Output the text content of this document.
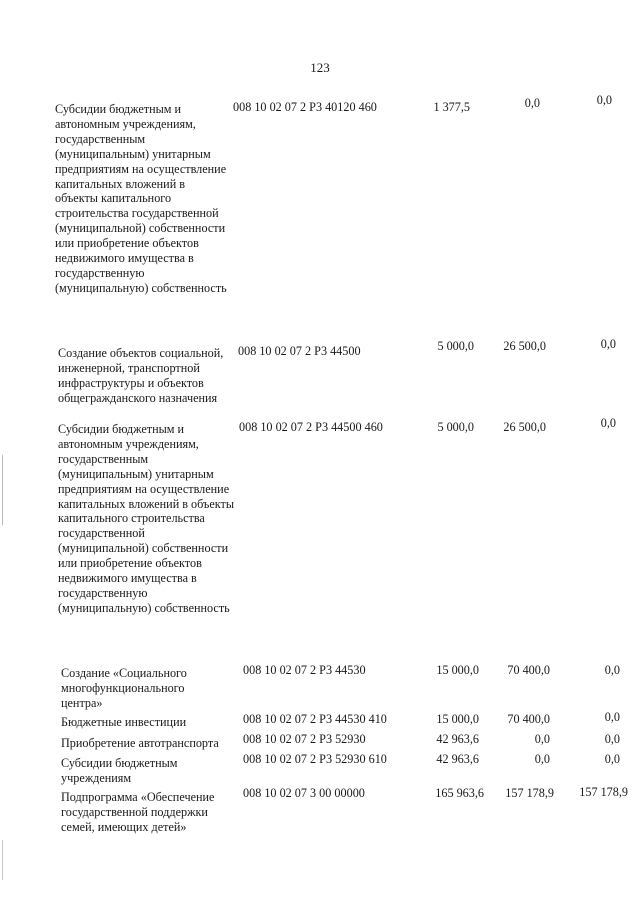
123
Субсидии бюджетным и автономным учреждениям, государственным (муниципальным) унитарным предприятиям на осуществление капитальных вложений в объекты капитального строительства государственной (муниципальной) собственности или приобретение объектов недвижимого имущества в государственную (муниципальную) собственность
008 10 02 07 2 Р3 40120 460	1 377,5	0,0	0,0
Создание объектов социальной, инженерной, транспортной инфраструктуры и объектов общегражданского назначения
008 10 02 07 2 Р3 44500	5 000,0 26 500,0	0,0
Субсидии бюджетным и автономным учреждениям, государственным (муниципальным) унитарным предприятиям на осуществление капитальных вложений в объекты капитального строительства государственной (муниципальной) собственности или приобретение объектов недвижимого имущества в государственную (муниципальную) собственность
008 10 02 07 2 Р3 44500 460	5 000,0 26 500,0	0,0
Создание «Социального многофункционального центра»
008 10 02 07 2 Р3 44530	15 000,0 70 400,0	0,0
Бюджетные инвестиции	008 10 02 07 2 Р3 44530 410	15 000,0 70 400,0	0,0
Приобретение автотранспорта	008 10 02 07 2 Р3 52930	42 963,6	0,0	0,0
Субсидии бюджетным учреждениям
008 10 02 07 2 Р3 52930 610	42 963,6	0,0	0,0
Подпрограмма «Обеспечение государственной поддержки семей, имеющих детей»
008 10 02 07 3 00 00000	165 963,6 157 178,9 157 178,9
